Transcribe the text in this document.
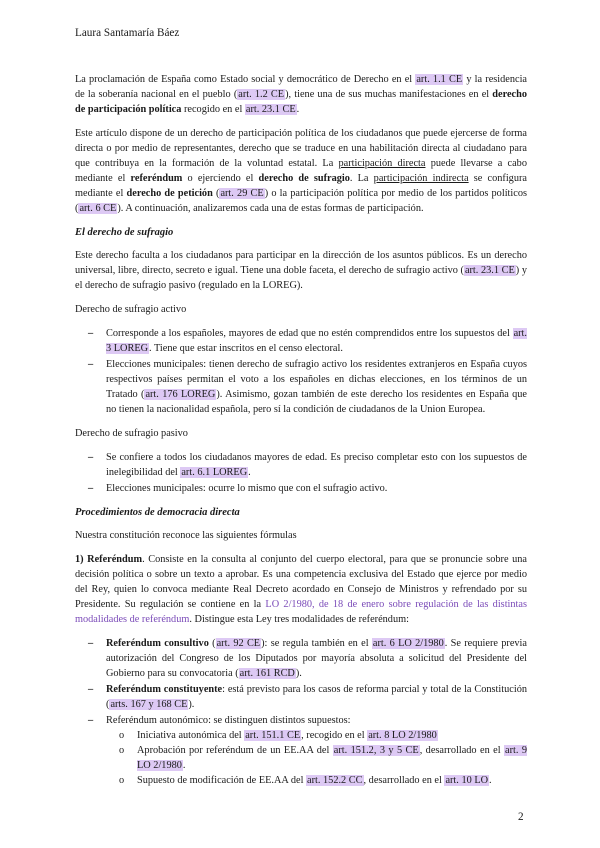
Laura Santamaría Báez

La proclamación de España como Estado social y democrático de Derecho en el art. 1.1 CE y la residencia de la soberanía nacional en el pueblo (art. 1.2 CE), tiene una de sus muchas manifestaciones en el derecho de participación política recogido en el art. 23.1 CE.

Este artículo dispone de un derecho de participación política de los ciudadanos que puede ejercerse de forma directa o por medio de representantes, derecho que se traduce en una habilitación directa al ciudadano para que contribuya en la formación de la voluntad estatal. La participación directa puede llevarse a cabo mediante el referéndum o ejerciendo el derecho de sufragio. La participación indirecta se configura mediante el derecho de petición (art. 29 CE) o la participación política por medio de los partidos políticos (art. 6 CE). A continuación, analizaremos cada una de estas formas de participación.

El derecho de sufragio

Este derecho faculta a los ciudadanos para participar en la dirección de los asuntos públicos. Es un derecho universal, libre, directo, secreto e igual. Tiene una doble faceta, el derecho de sufragio activo (art. 23.1 CE) y el derecho de sufragio pasivo (regulado en la LOREG).

Derecho de sufragio activo

– Corresponde a los españoles, mayores de edad que no estén comprendidos entre los supuestos del art. 3 LOREG. Tiene que estar inscritos en el censo electoral.
– Elecciones municipales: tienen derecho de sufragio activo los residentes extranjeros en España cuyos respectivos países permitan el voto a los españoles en dichas elecciones, en los términos de un Tratado (art. 176 LOREG). Asimismo, gozan también de este derecho los residentes en España que no tienen la nacionalidad española, pero sí la condición de ciudadanos de la Union Europea.

Derecho de sufragio pasivo

– Se confiere a todos los ciudadanos mayores de edad. Es preciso completar esto con los supuestos de inelegibilidad del art. 6.1 LOREG.
– Elecciones municipales: ocurre lo mismo que con el sufragio activo.
Procedimientos de democracia directa

Nuestra constitución reconoce las siguientes fórmulas

1) Referéndum. Consiste en la consulta al conjunto del cuerpo electoral, para que se pronuncie sobre una decisión política o sobre un texto a aprobar. Es una competencia exclusiva del Estado que ejerce por medio del Rey, quien lo convoca mediante Real Decreto acordado en Consejo de Ministros y refrendado por su Presidente. Su regulación se contiene en la LO 2/1980, de 18 de enero sobre regulación de las distintas modalidades de referéndum. Distingue esta Ley tres modalidades de referéndum:

– Referéndum consultivo (art. 92 CE): se regula también en el art. 6 LO 2/1980. Se requiere previa autorización del Congreso de los Diputados por mayoría absoluta a solicitud del Presidente del Gobierno para su convocatoria (art. 161 RCD).
– Referéndum constituyente: está previsto para los casos de reforma parcial y total de la Constitución (arts. 167 y 168 CE).
– Referéndum autonómico: se distinguen distintos supuestos:
o Iniciativa autonómica del art. 151.1 CE, recogido en el art. 8 LO 2/1980
o Aprobación por referéndum de un EE.AA del art. 151.2, 3 y 5 CE, desarrollado en el art. 9 LO 2/1980.
o Supuesto de modificación de EE.AA del art. 152.2 CC, desarrollado en el art. 10 LO.
2
